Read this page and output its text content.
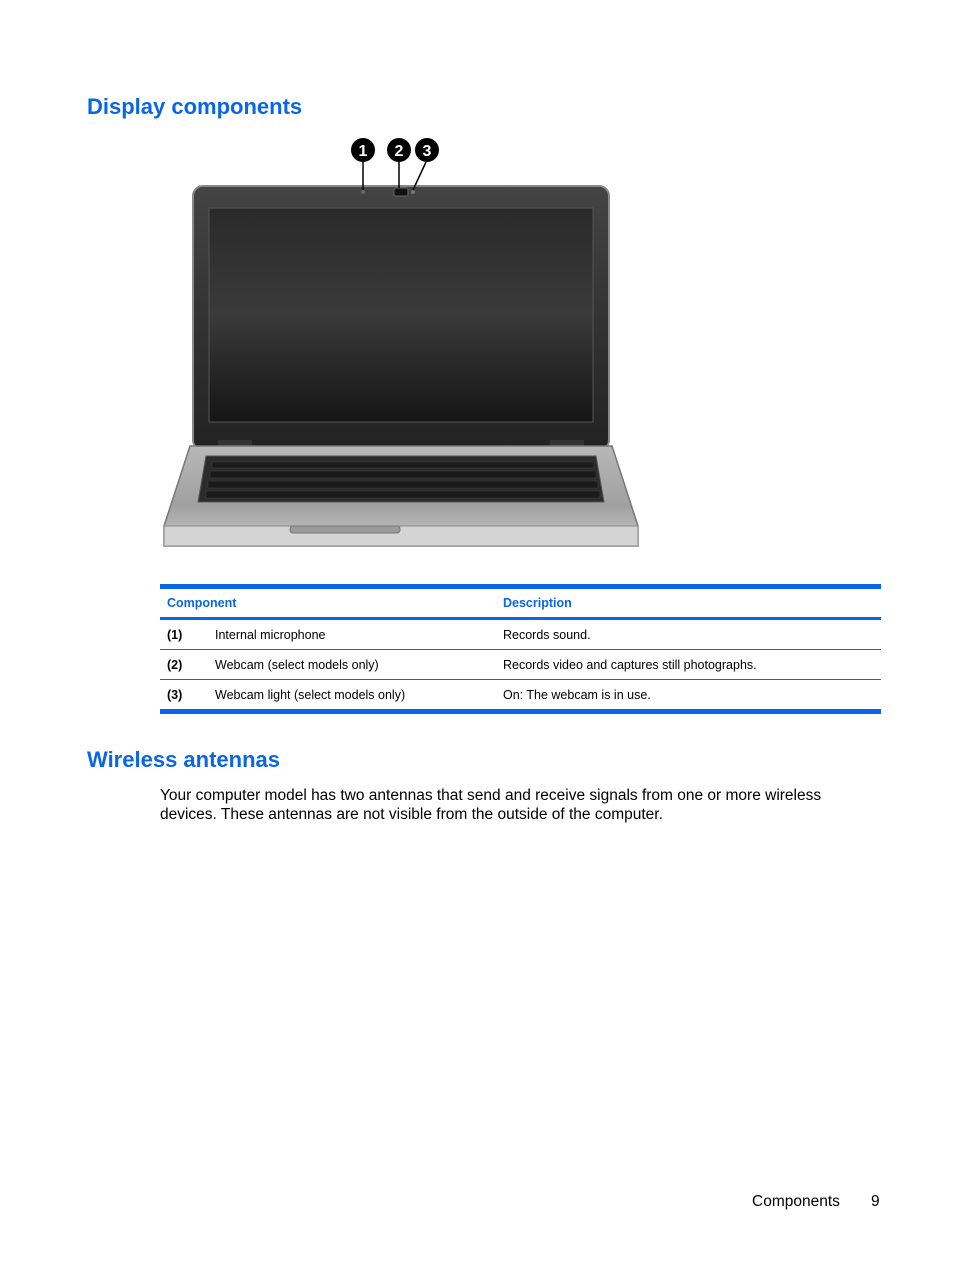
Display components
1 2 3
Component		Description
(1)	Internal microphone	Records sound.
(2)	Webcam (select models only)	Records video and captures still photographs.
(3)	Webcam light (select models only)	On: The webcam is in use.
Wireless antennas

Your computer model has two antennas that send and receive signals from one or more wireless devices. These antennas are not visible from the outside of the computer.

Components 9
